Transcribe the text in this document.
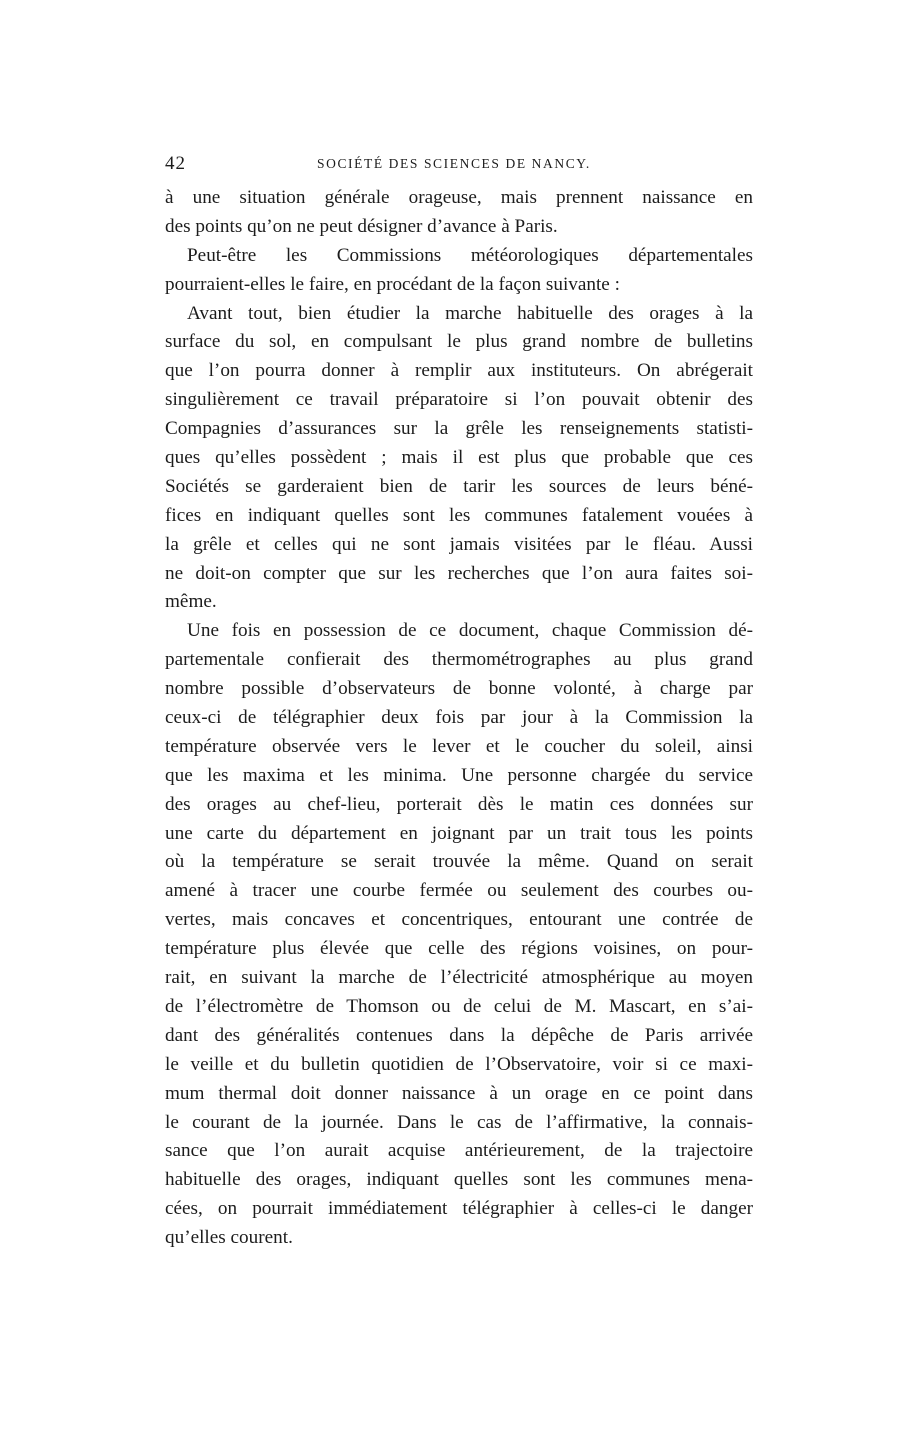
42	SOCIÉTÉ DES SCIENCES DE NANCY.
à une situation générale orageuse, mais prennent naissance en
des points qu’on ne peut désigner d’avance à Paris.
Peut-être les Commissions météorologiques départementales
pourraient-elles le faire, en procédant de la façon suivante :
Avant tout, bien étudier la marche habituelle des orages à la
surface du sol, en compulsant le plus grand nombre de bulletins
que l’on pourra donner à remplir aux instituteurs. On abrégerait
singulièrement ce travail préparatoire si l’on pouvait obtenir des
Compagnies d’assurances sur la grêle les renseignements statisti-
ques qu’elles possèdent ; mais il est plus que probable que ces
Sociétés se garderaient bien de tarir les sources de leurs béné-
fices en indiquant quelles sont les communes fatalement vouées à
la grêle et celles qui ne sont jamais visitées par le fléau. Aussi
ne doit-on compter que sur les recherches que l’on aura faites soi-
même.
Une fois en possession de ce document, chaque Commission dé-
partementale confierait des thermométrographes au plus grand
nombre possible d’observateurs de bonne volonté, à charge par
ceux-ci de télégraphier deux fois par jour à la Commission la
température observée vers le lever et le coucher du soleil, ainsi
que les maxima et les minima. Une personne chargée du service
des orages au chef-lieu, porterait dès le matin ces données sur
une carte du département en joignant par un trait tous les points
où la température se serait trouvée la même. Quand on serait
amené à tracer une courbe fermée ou seulement des courbes ou-
vertes, mais concaves et concentriques, entourant une contrée de
température plus élevée que celle des régions voisines, on pour-
rait, en suivant la marche de l’électricité atmosphérique au moyen
de l’électromètre de Thomson ou de celui de M. Mascart, en s’ai-
dant des généralités contenues dans la dépêche de Paris arrivée
le veille et du bulletin quotidien de l’Observatoire, voir si ce maxi-
mum thermal doit donner naissance à un orage en ce point dans
le courant de la journée. Dans le cas de l’affirmative, la connais-
sance que l’on aurait acquise antérieurement, de la trajectoire
habituelle des orages, indiquant quelles sont les communes mena-
cées, on pourrait immédiatement télégraphier à celles-ci le danger
qu’elles courent.
